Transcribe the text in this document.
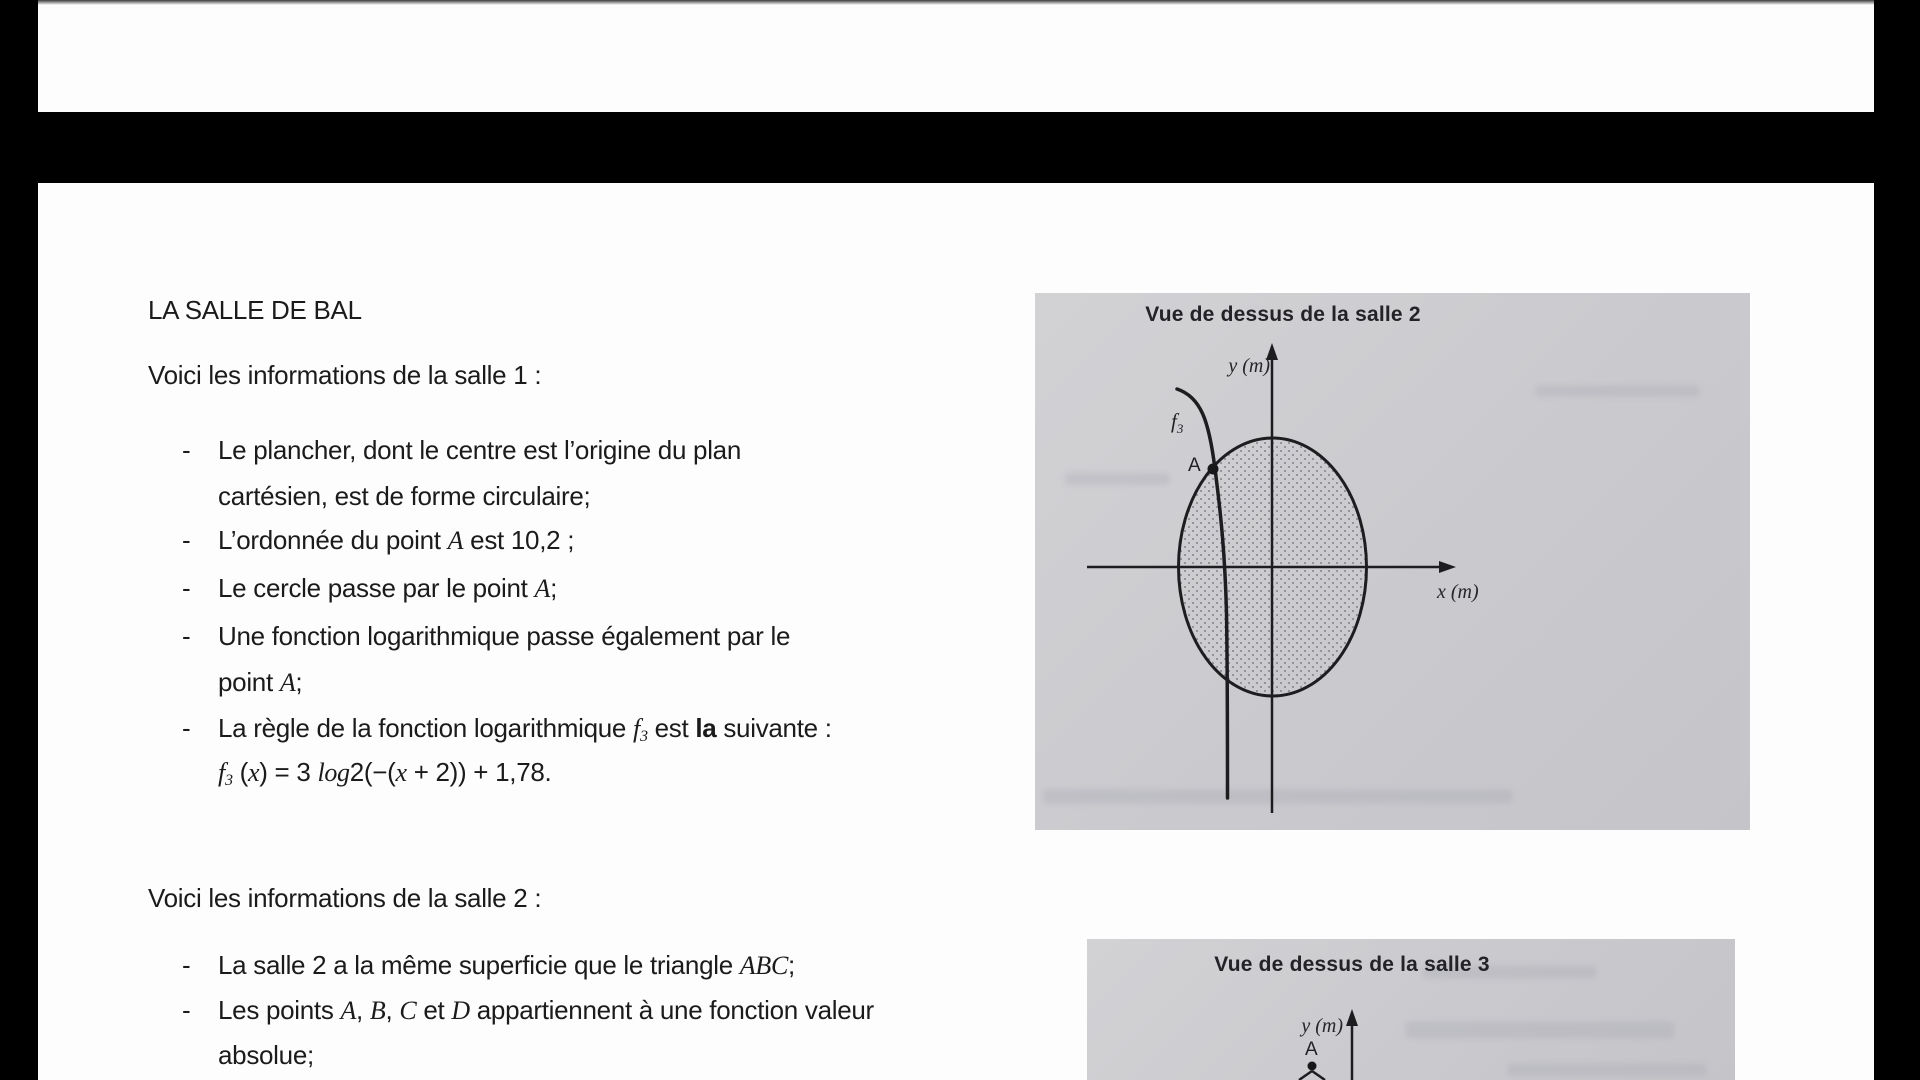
LA SALLE DE BAL
Voici les informations de la salle 1 :
- Le plancher, dont le centre est l’origine du plan
cartésien, est de forme circulaire;
- L’ordonnée du point A est 10,2 ;
- Le cercle passe par le point A;
- Une fonction logarithmique passe également par le
point A;
- La règle de la fonction logarithmique f3 est la suivante :
f3 (x) = 3 log2(−(x + 2)) + 1,78.
Voici les informations de la salle 2 :
- La salle 2 a la même superficie que le triangle ABC;
- Les points A, B, C et D appartiennent à une fonction valeur
absolue;
Vue de dessus de la salle 2
y (m)
x (m)
$f_3$
A
Vue de dessus de la salle 3
y (m)
A
